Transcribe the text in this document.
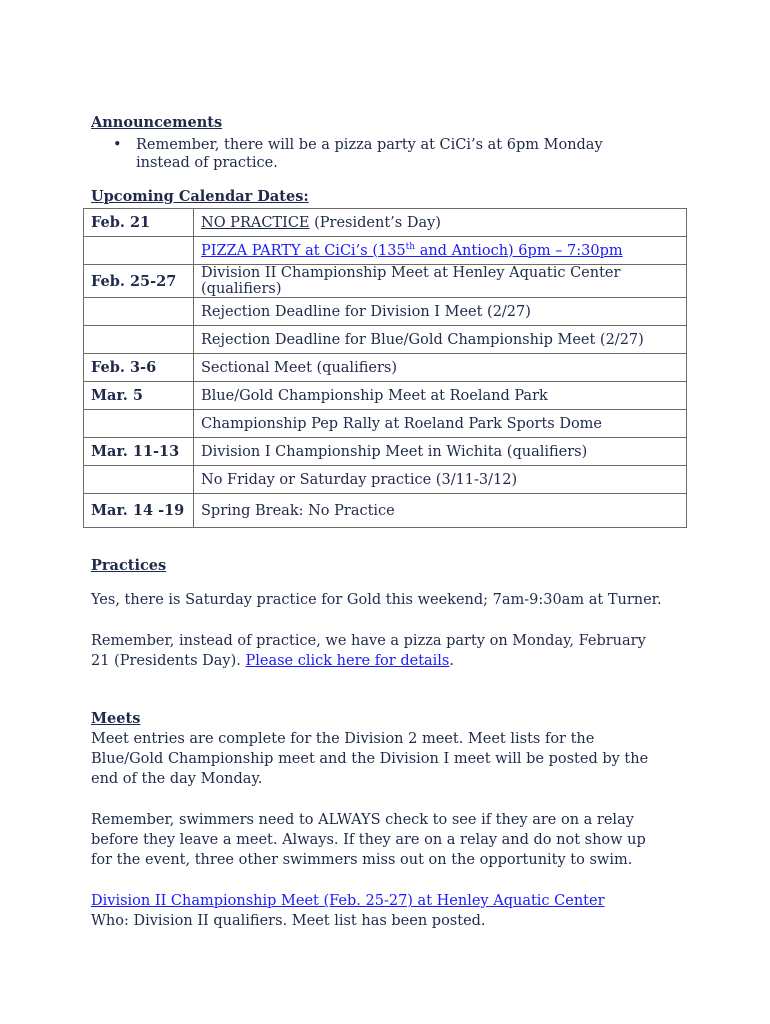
Announcements
• Remember, there will be a pizza party at CiCi’s at 6pm Monday instead of practice.
Upcoming Calendar Dates:
Feb. 21	NO PRACTICE (President’s Day)
	PIZZA PARTY at CiCi’s (135th and Antioch) 6pm – 7:30pm
Feb. 25-27	Division II Championship Meet at Henley Aquatic Center (qualifiers)
	Rejection Deadline for Division I Meet (2/27)
	Rejection Deadline for Blue/Gold Championship Meet (2/27)
Feb. 3-6	Sectional Meet (qualifiers)
Mar. 5	Blue/Gold Championship Meet at Roeland Park
	Championship Pep Rally at Roeland Park Sports Dome
Mar. 11-13	Division I Championship Meet in Wichita (qualifiers)
	No Friday or Saturday practice (3/11-3/12)
Mar. 14 -19	Spring Break: No Practice
Practices
Yes, there is Saturday practice for Gold this weekend; 7am-9:30am at Turner.
Remember, instead of practice, we have a pizza party on Monday, February 21 (Presidents Day). Please click here for details.
Meets
Meet entries are complete for the Division 2 meet. Meet lists for the Blue/Gold Championship meet and the Division I meet will be posted by the end of the day Monday.
Remember, swimmers need to ALWAYS check to see if they are on a relay before they leave a meet. Always. If they are on a relay and do not show up for the event, three other swimmers miss out on the opportunity to swim.
Division II Championship Meet (Feb. 25-27) at Henley Aquatic Center
Who: Division II qualifiers. Meet list has been posted.
